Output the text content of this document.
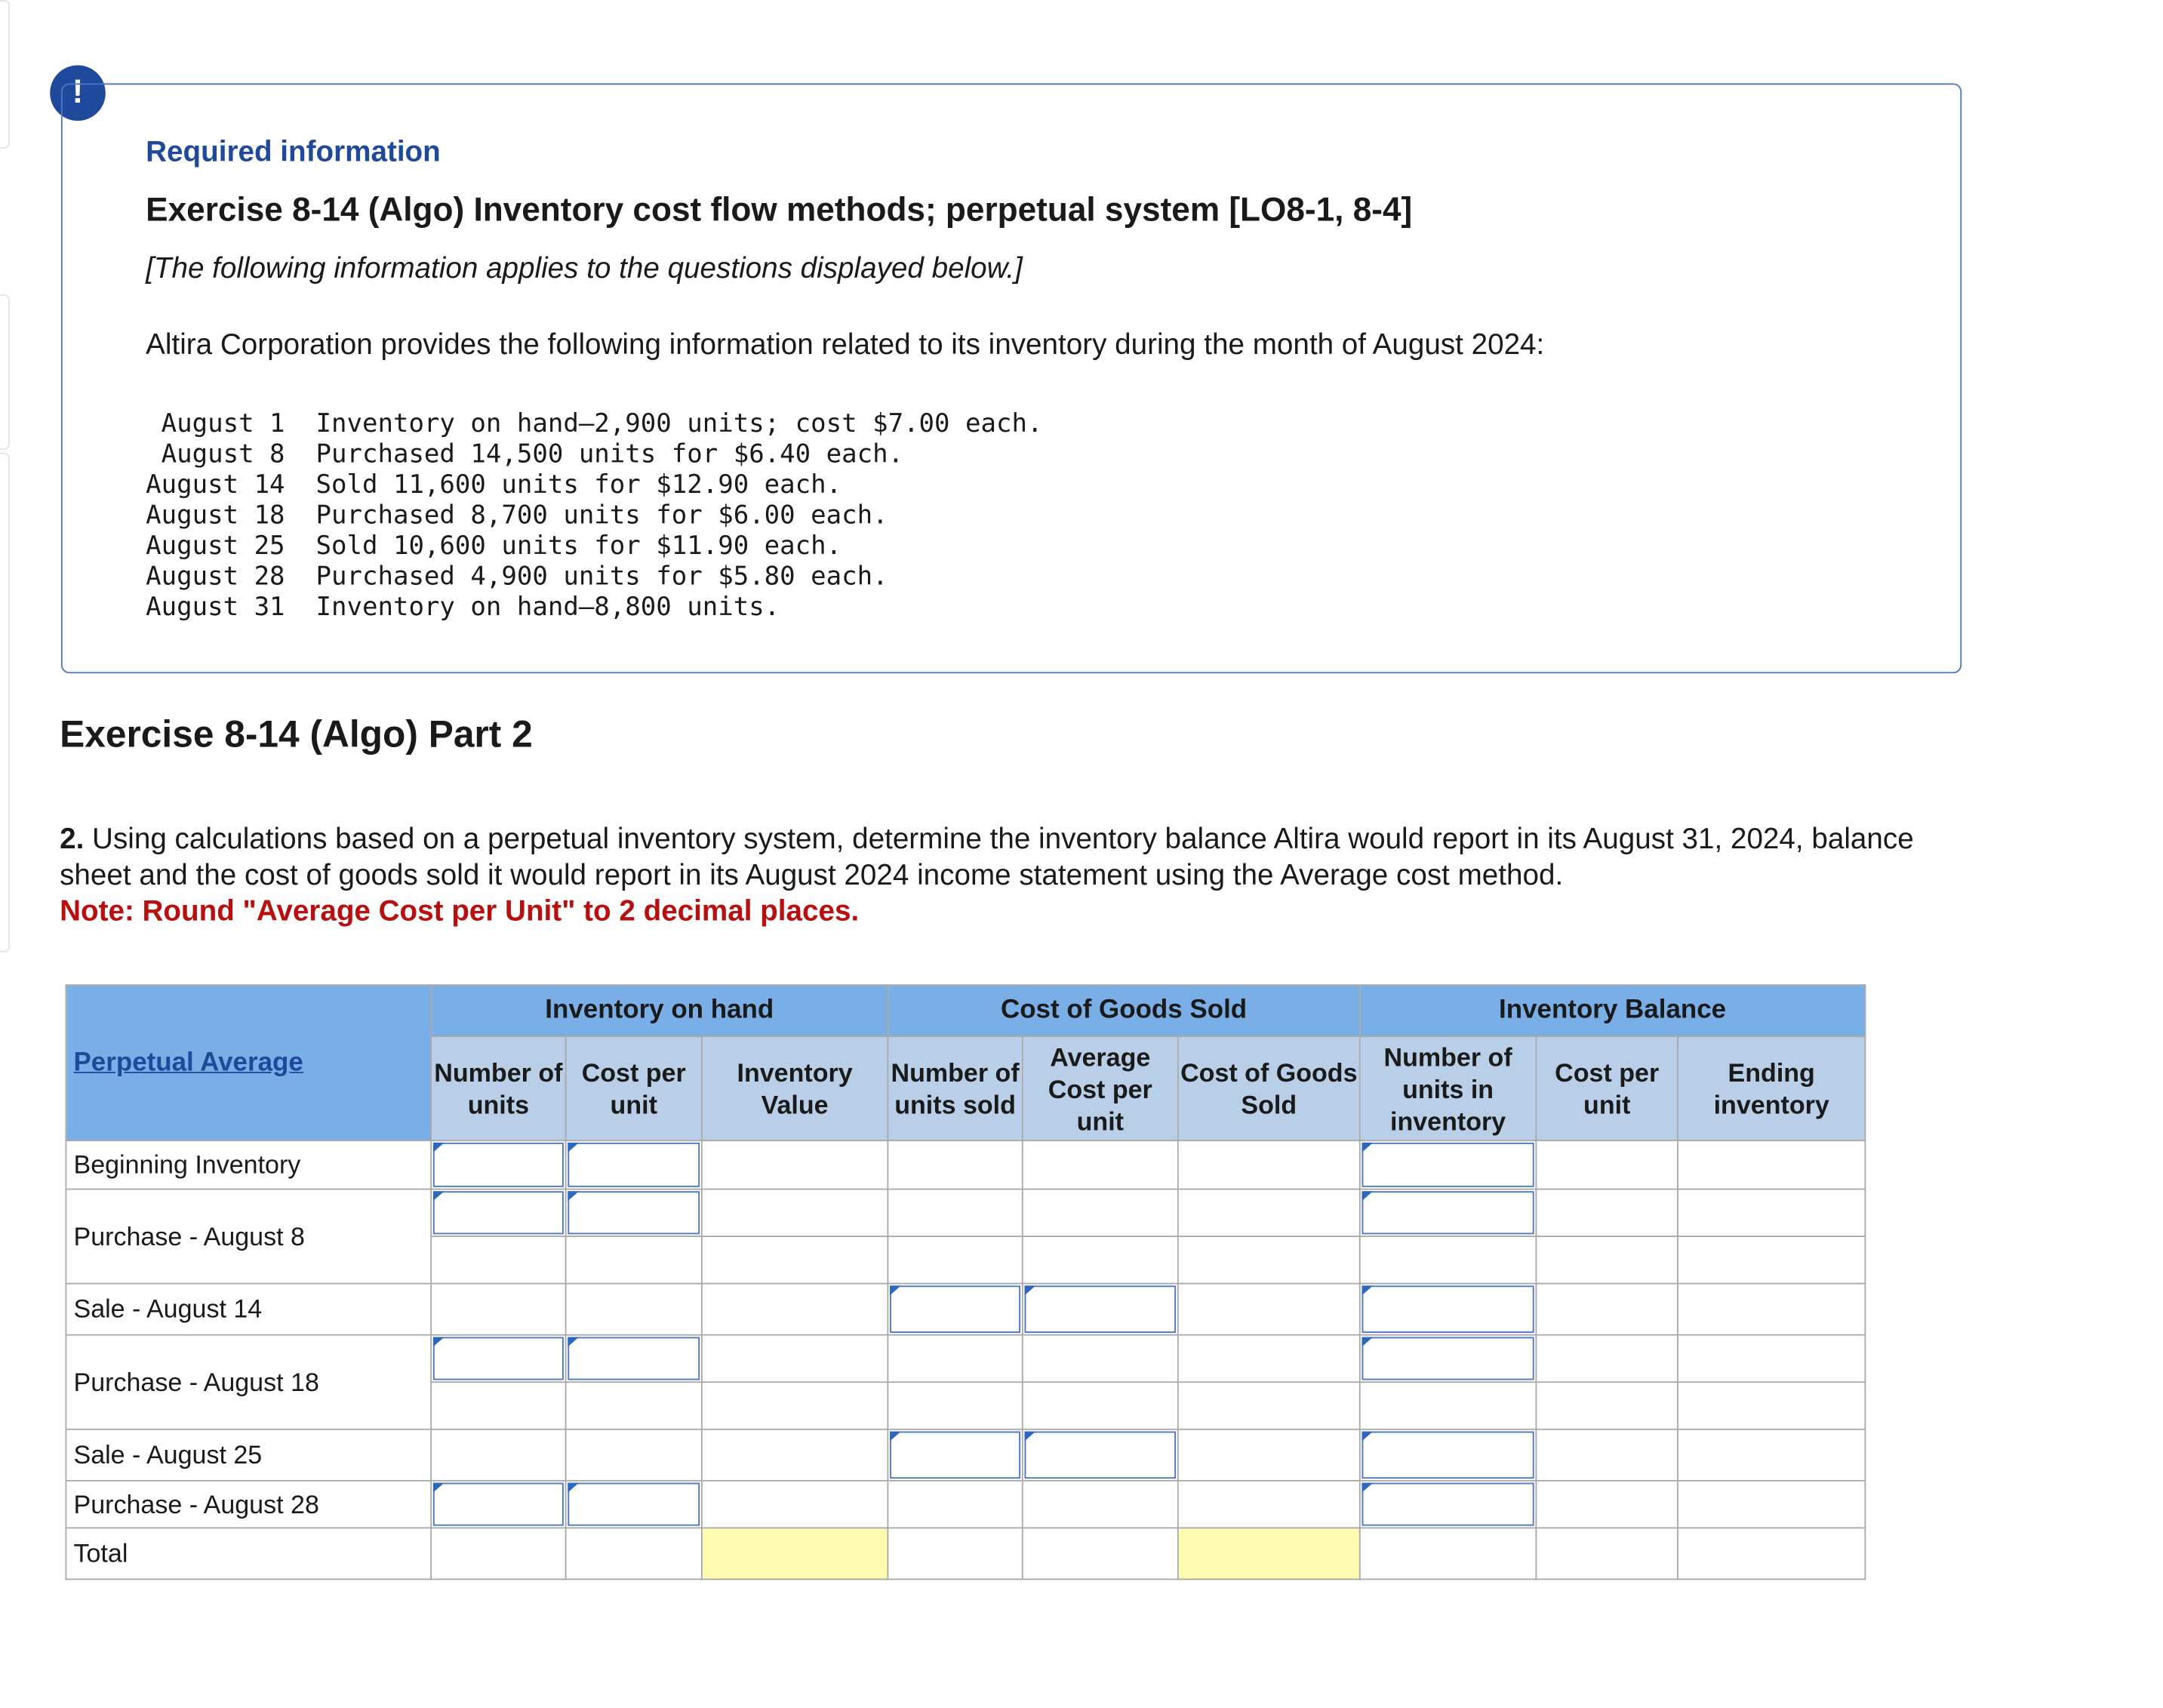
!
Required information
Exercise 8-14 (Algo) Inventory cost flow methods; perpetual system [LO8-1, 8-4]
[The following information applies to the questions displayed below.]
Altira Corporation provides the following information related to its inventory during the month of August 2024:
August 1  Inventory on hand—2,900 units; cost $7.00 each.
August 8  Purchased 14,500 units for $6.40 each.
August 14  Sold 11,600 units for $12.90 each.
August 18  Purchased 8,700 units for $6.00 each.
August 25  Sold 10,600 units for $11.90 each.
August 28  Purchased 4,900 units for $5.80 each.
August 31  Inventory on hand—8,800 units.
Exercise 8-14 (Algo) Part 2
2. Using calculations based on a perpetual inventory system, determine the inventory balance Altira would report in its August 31, 2024, balance sheet and the cost of goods sold it would report in its August 2024 income statement using the Average cost method.
Note: Round "Average Cost per Unit" to 2 decimal places.
Perpetual Average	Inventory on hand			Cost of Goods Sold			Inventory Balance		
	Number of units	Cost per unit	Inventory Value	Number of units sold	Average Cost per unit	Cost of Goods Sold	Number of units in inventory	Cost per unit	Ending inventory
Beginning Inventory	

Purchase - August 8	

Sale - August 14				

Purchase - August 18	

Sale - August 25				

Purchase - August 28	

Total									
